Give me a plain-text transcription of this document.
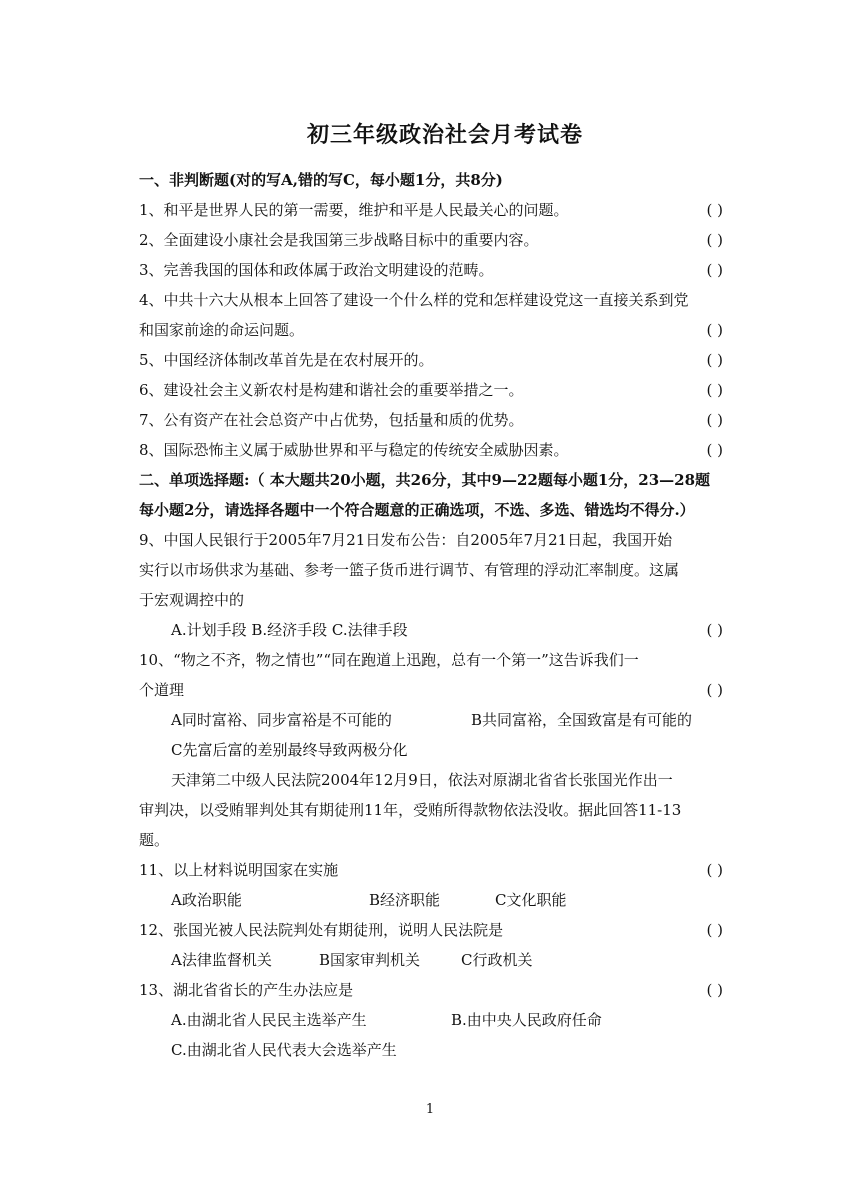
初三年级政治社会月考试卷
一、非判断题(对的写A,错的写C，每小题1分，共8分)
1、和平是世界人民的第一需要，维护和平是人民最关心的问题。	( )
2、全面建设小康社会是我国第三步战略目标中的重要内容。	( )
3、完善我国的国体和政体属于政治文明建设的范畴。	( )
4、中共十六大从根本上回答了建设一个什么样的党和怎样建设党这一直接关系到党
和国家前途的命运问题。	( )
5、中国经济体制改革首先是在农村展开的。	( )
6、建设社会主义新农村是构建和谐社会的重要举措之一。	( )
7、公有资产在社会总资产中占优势，包括量和质的优势。	( )
8、国际恐怖主义属于威胁世界和平与稳定的传统安全威胁因素。	( )
二、单项选择题:（ 本大题共20小题，共26分，其中9—22题每小题1分，23—28题
每小题2分，请选择各题中一个符合题意的正确选项，不选、多选、错选均不得分.）
9、中国人民银行于2005年7月21日发布公告：自2005年7月21日起，我国开始
实行以市场供求为基础、参考一篮子货币进行调节、有管理的浮动汇率制度。这属
于宏观调控中的
A.计划手段 B.经济手段 C.法律手段	( )
10、“物之不齐，物之情也”“同在跑道上迅跑，总有一个第一”这告诉我们一
个道理	( )
A同时富裕、同步富裕是不可能的	B共同富裕，全国致富是有可能的
C先富后富的差别最终导致两极分化
天津第二中级人民法院2004年12月9日，依法对原湖北省省长张国光作出一
审判决，以受贿罪判处其有期徒刑11年，受贿所得款物依法没收。据此回答11-13
题。
11、以上材料说明国家在实施	( )
A政治职能	B经济职能	C文化职能
12、张国光被人民法院判处有期徒刑，说明人民法院是	( )
A法律监督机关	B国家审判机关	C行政机关
13、湖北省省长的产生办法应是	( )
A.由湖北省人民民主选举产生	B.由中央人民政府任命
C.由湖北省人民代表大会选举产生
1
